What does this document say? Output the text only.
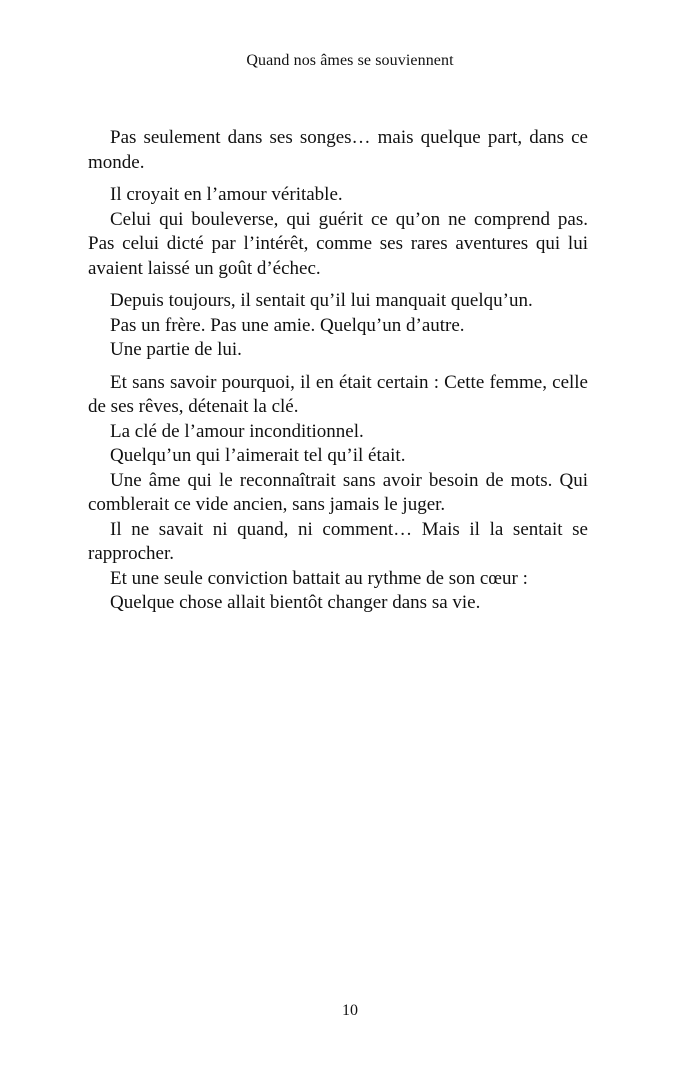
Quand nos âmes se souviennent

Pas seulement dans ses songes… mais quelque part, dans ce monde.

Il croyait en l’amour véritable.

Celui qui bouleverse, qui guérit ce qu’on ne comprend pas. Pas celui dicté par l’intérêt, comme ses rares aventures qui lui avaient laissé un goût d’échec.

Depuis toujours, il sentait qu’il lui manquait quelqu’un.

Pas un frère. Pas une amie. Quelqu’un d’autre.

Une partie de lui.

Et sans savoir pourquoi, il en était certain : Cette femme, celle de ses rêves, détenait la clé.

La clé de l’amour inconditionnel.

Quelqu’un qui l’aimerait tel qu’il était.

Une âme qui le reconnaîtrait sans avoir besoin de mots. Qui comblerait ce vide ancien, sans jamais le juger.

Il ne savait ni quand, ni comment… Mais il la sentait se rapprocher.

Et une seule conviction battait au rythme de son cœur :

Quelque chose allait bientôt changer dans sa vie.

10
